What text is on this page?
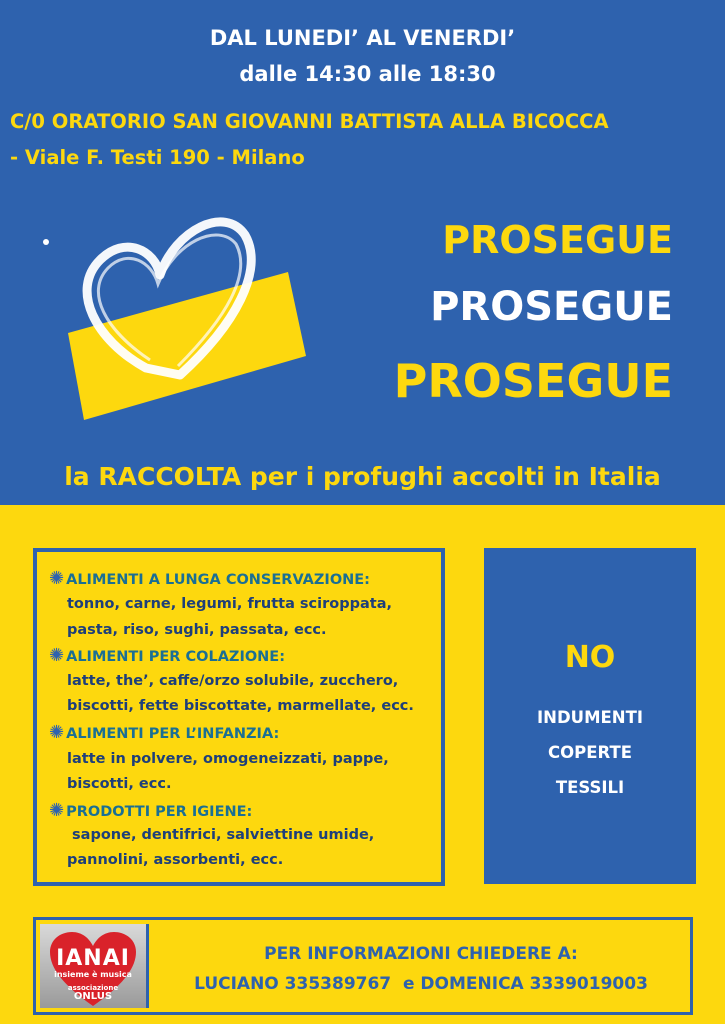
DAL LUNEDI’ AL VENERDI’
dalle 14:30 alle 18:30
C/0 ORATORIO SAN GIOVANNI BATTISTA ALLA BICOCCA
- Viale F. Testi 190 - Milano
PROSEGUE
PROSEGUE
PROSEGUE
la RACCOLTA per i profughi accolti in Italia
✺ ALIMENTI A LUNGA CONSERVAZIONE:
tonno, carne, legumi, frutta sciroppata,
pasta, riso, sughi, passata, ecc.
✺ ALIMENTI PER COLAZIONE:
latte, the’, caffe/orzo solubile, zucchero,
biscotti, fette biscottate, marmellate, ecc.
✺ ALIMENTI PER L’INFANZIA:
latte in polvere, omogeneizzati, pappe,
biscotti, ecc.
✺ PRODOTTI PER IGIENE:
sapone, dentifrici, salviettine umide,
pannolini, assorbenti, ecc.
NO
INDUMENTI
COPERTE
TESSILI
IANAI
insieme è musica
associazione
ONLUS
PER INFORMAZIONI CHIEDERE A:
LUCIANO 335389767  e DOMENICA 3339019003
